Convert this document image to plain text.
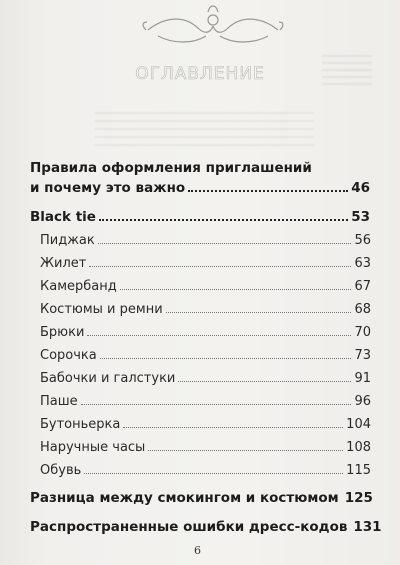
ОГЛАВЛЕНИЕ
Правила оформления приглашений
и почему это важно	46
Black tie	53
Пиджак	56
Жилет	63
Камербанд	67
Костюмы и ремни	68
Брюки	70
Сорочка	73
Бабочки и галстуки	91
Паше	96
Бутоньерка	104
Наручные часы	108
Обувь	115
Разница между смокингом и костюмом 125
Распространенные ошибки дресс-кодов 131
6
